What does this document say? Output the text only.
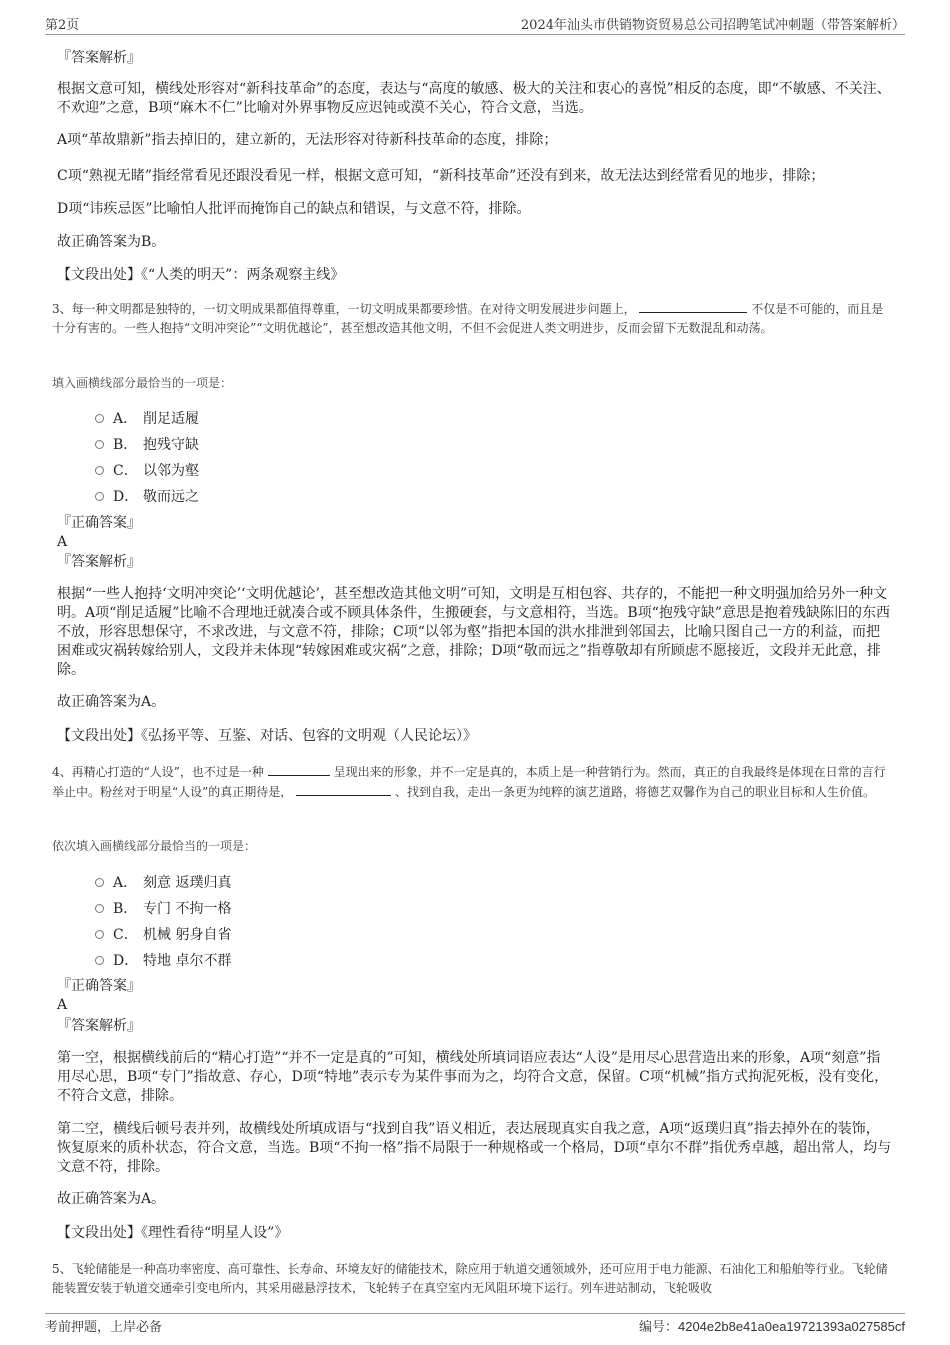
第2页	2024年汕头市供销物资贸易总公司招聘笔试冲刺题（带答案解析）

『答案解析』

根据文意可知，横线处形容对“新科技革命”的态度，表达与“高度的敏感、极大的关注和衷心的喜悦”相反的态度，即“不敏感、不关注、不欢迎”之意，B项“麻木不仁”比喻对外界事物反应迟钝或漠不关心，符合文意，当选。

A项“革故鼎新”指去掉旧的，建立新的，无法形容对待新科技革命的态度，排除；

C项“熟视无睹”指经常看见还跟没看见一样，根据文意可知，“新科技革命”还没有到来，故无法达到经常看见的地步，排除；

D项“讳疾忌医”比喻怕人批评而掩饰自己的缺点和错误，与文意不符，排除。

故正确答案为B。

【文段出处】《“人类的明天”：两条观察主线》

3、每一种文明都是独特的，一切文明成果都值得尊重，一切文明成果都要珍惜。在对待文明发展进步问题上，	不仅是不可能的，而且是十分有害的。一些人抱持“文明冲突论”“文明优越论”，甚至想改造其他文明，不但不会促进人类文明进步，反而会留下无数混乱和动荡。

填入画横线部分最恰当的一项是：

A． 削足适履
B． 抱残守缺
C． 以邻为壑
D． 敬而远之

『正确答案』

A

『答案解析』

根据“一些人抱持‘文明冲突论’‘文明优越论’，甚至想改造其他文明”可知，文明是互相包容、共存的，不能把一种文明强加给另外一种文明。A项“削足适履”比喻不合理地迁就凑合或不顾具体条件，生搬硬套，与文意相符，当选。B项“抱残守缺”意思是抱着残缺陈旧的东西不放，形容思想保守，不求改进，与文意不符，排除；C项“以邻为壑”指把本国的洪水排泄到邻国去，比喻只图自己一方的利益，而把困难或灾祸转嫁给别人，文段并未体现“转嫁困难或灾祸”之意，排除；D项“敬而远之”指尊敬却有所顾虑不愿接近，文段并无此意，排除。

故正确答案为A。

【文段出处】《弘扬平等、互鉴、对话、包容的文明观（人民论坛）》

4、再精心打造的“人设”，也不过是一种	呈现出来的形象，并不一定是真的，本质上是一种营销行为。然而，真正的自我最终是体现在日常的言行举止中。粉丝对于明星“人设”的真正期待是，	、找到自我，走出一条更为纯粹的演艺道路，将德艺双馨作为自己的职业目标和人生价值。

依次填入画横线部分最恰当的一项是：

A． 刻意 返璞归真
B． 专门 不拘一格
C． 机械 躬身自省
D． 特地 卓尔不群

『正确答案』

A

『答案解析』

第一空，根据横线前后的“精心打造”“并不一定是真的”可知，横线处所填词语应表达“人设”是用尽心思营造出来的形象，A项“刻意”指用尽心思，B项“专门”指故意、存心，D项“特地”表示专为某件事而为之，均符合文意，保留。C项“机械”指方式拘泥死板，没有变化，不符合文意，排除。

第二空，横线后顿号表并列，故横线处所填成语与“找到自我”语义相近，表达展现真实自我之意，A项“返璞归真”指去掉外在的装饰，恢复原来的质朴状态，符合文意，当选。B项“不拘一格”指不局限于一种规格或一个格局，D项“卓尔不群”指优秀卓越，超出常人，均与文意不符，排除。

故正确答案为A。

【文段出处】《理性看待“明星人设”》

5、飞轮储能是一种高功率密度、高可靠性、长寿命、环境友好的储能技术，除应用于轨道交通领域外，还可应用于电力能源、石油化工和船舶等行业。飞轮储能装置安装于轨道交通牵引变电所内，其采用磁悬浮技术，飞轮转子在真空室内无风阻环境下运行。列车进站制动，飞轮吸收

考前押题，上岸必备	编号：4204e2b8e41a0ea19721393a027585cf
